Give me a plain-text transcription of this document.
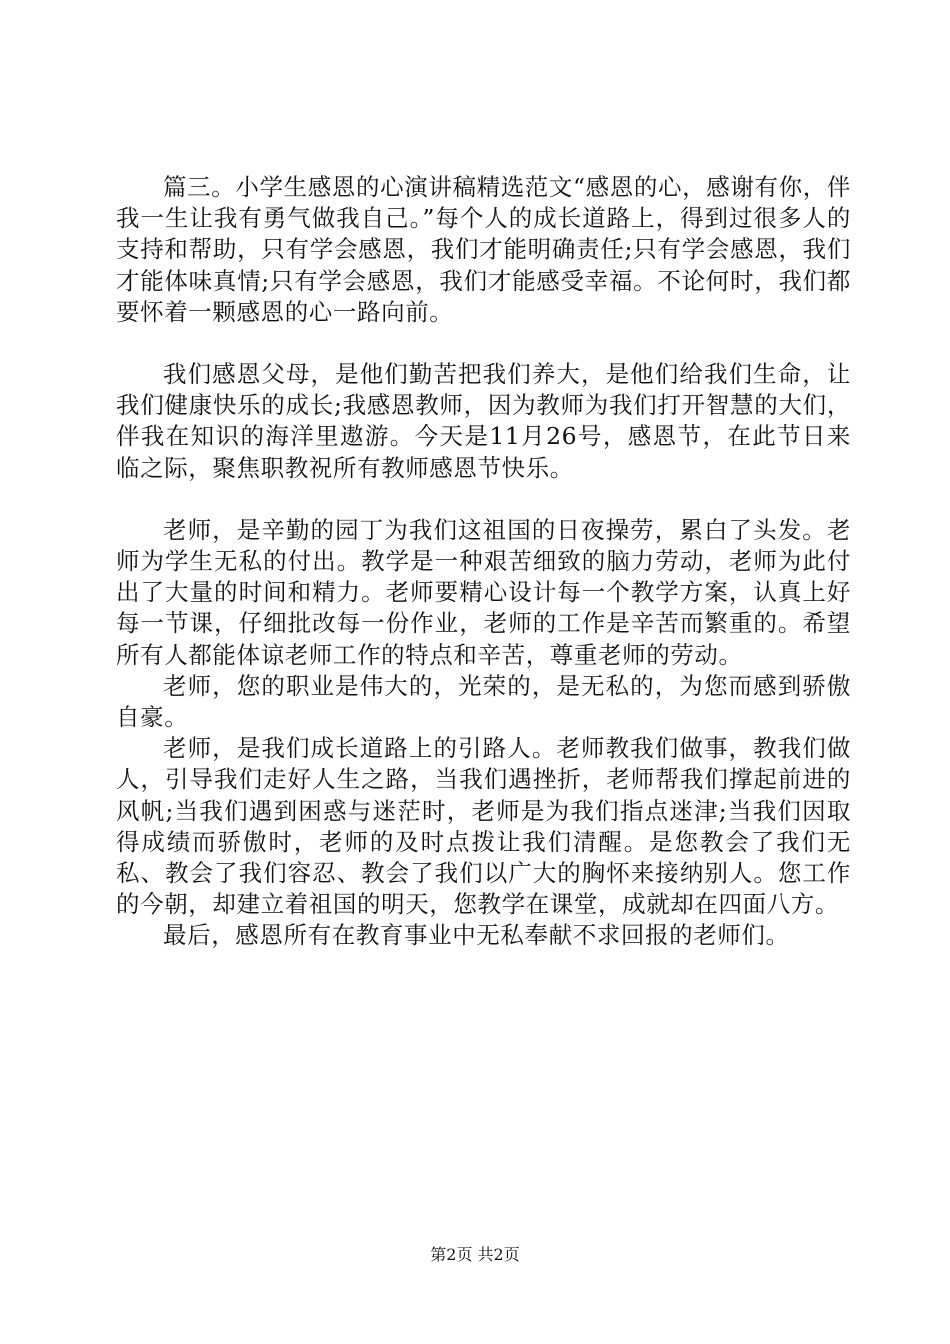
篇三。小学生感恩的心演讲稿精选范文“感恩的心，感谢有你，伴我一生让我有勇气做我自己。”每个人的成长道路上，得到过很多人的支持和帮助，只有学会感恩，我们才能明确责任;只有学会感恩，我们才能体味真情;只有学会感恩，我们才能感受幸福。不论何时，我们都要怀着一颗感恩的心一路向前。

我们感恩父母，是他们勤苦把我们养大，是他们给我们生命，让我们健康快乐的成长;我感恩教师，因为教师为我们打开智慧的大们，伴我在知识的海洋里遨游。今天是11月26号，感恩节，在此节日来临之际，聚焦职教祝所有教师感恩节快乐。

老师，是辛勤的园丁为我们这祖国的日夜操劳，累白了头发。老师为学生无私的付出。教学是一种艰苦细致的脑力劳动，老师为此付出了大量的时间和精力。老师要精心设计每一个教学方案，认真上好每一节课，仔细批改每一份作业，老师的工作是辛苦而繁重的。希望所有人都能体谅老师工作的特点和辛苦，尊重老师的劳动。

老师，您的职业是伟大的，光荣的，是无私的，为您而感到骄傲自豪。

老师，是我们成长道路上的引路人。老师教我们做事，教我们做人，引导我们走好人生之路，当我们遇挫折，老师帮我们撑起前进的风帆;当我们遇到困惑与迷茫时，老师是为我们指点迷津;当我们因取得成绩而骄傲时，老师的及时点拨让我们清醒。是您教会了我们无私、教会了我们容忍、教会了我们以广大的胸怀来接纳别人。您工作的今朝，却建立着祖国的明天，您教学在课堂，成就却在四面八方。

最后，感恩所有在教育事业中无私奉献不求回报的老师们。

第2页 共2页
